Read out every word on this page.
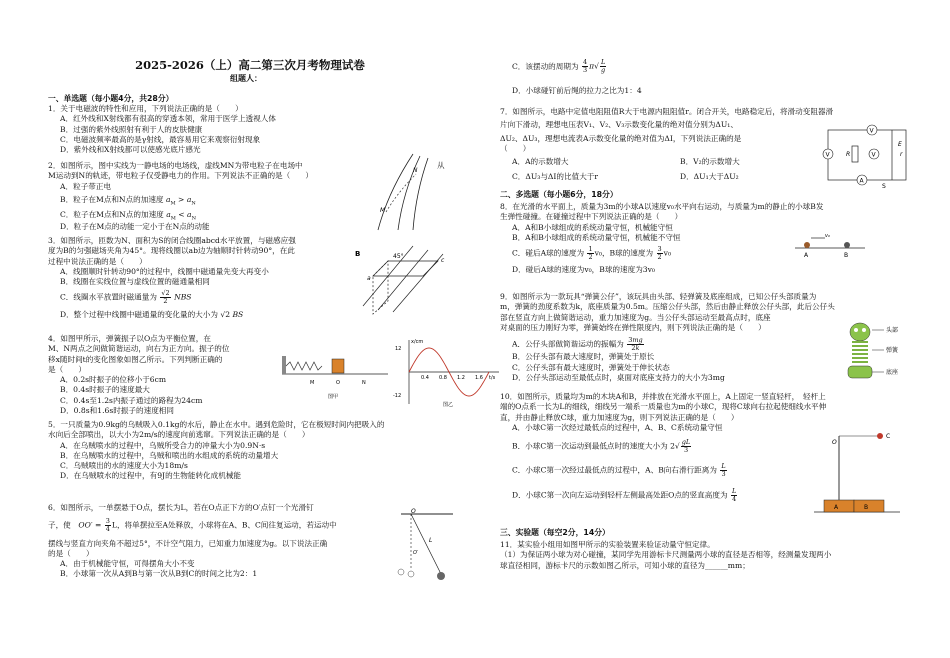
2025-2026（上）高二第三次月考物理试卷
组题人：
一、单选题（每小题4分，共28分）
1．关于电磁波的特性和应用，下列说法正确的是（　　）
A．红外线和X射线都有很高的穿透本领，常用于医学上透视人体
B．过强的紫外线照射有利于人的皮肤健康
C．电磁波频率最高的是γ射线，最容易用它来观察衍射现象
D．紫外线和X射线都可以使感光底片感光
2．如图所示，图中实线为一静电场的电场线，虚线MN为带电粒子在电场中
M运动到N的轨迹，带电粒子仅受静电力的作用。下列说法不正确的是（　　）
A．粒子带正电
B．粒子在M点和N点的加速度 $a_M > a_N$
C．粒子在M点和N点的加速度 $a_M < a_N$
D．粒子在M点的动能一定小于在N点的动能
从
3．如图所示，匝数为N、面积为S的闭合线圈abcd水平放置，与磁感应强
度为B的匀强磁场夹角为45°。现将线圈以ab边为轴顺时针转动90°，在此
过程中说法正确的是（　　）
A．线圈顺时针转动90°的过程中，线圈中磁通量先变大再变小
B．线圈在实线位置与虚线位置的磁通量相同
C．线圈水平放置时磁通量为 $\frac{√2}{2}$ NBS
D．整个过程中线圈中磁通量的变化量的大小为 √2 BS
4．如图甲所示，弹簧振子以O点为平衡位置，在
M、N两点之间做简谐运动，向右为正方向。振子的位
移x随时间t的变化图象如图乙所示。下列判断正确的
是（　　）
A．0.2s时振子的位移小于6cm
B．0.4s时振子的速度最大
C．0.4s至1.2s内振子通过的路程为24cm
D．0.8s和1.6s时振子的速度相同
5．一只质量为0.9kg的乌贼吸入0.1kg的水后，静止在水中。遇到危险时，它在极短时间内把吸入的
水向后全部喷出，以大小为2m/s的速度向前逃窜。下列说法正确的是（　　）
A．在乌贼喷水的过程中，乌贼所受合力的冲量大小为0.9N·s
B．在乌贼喷水的过程中，乌贼和喷出的水组成的系统的动量增大
C．乌贼喷出的水的速度大小为18m/s
D．在乌贼喷水的过程中，有9J的生物能转化成机械能
6．如图所示，一单摆悬于O点，摆长为L，若在O点正下方的O′点钉一个光滑钉
子，使　 $OO' = \frac{3}{4}$ L，将单摆拉至A处释放，小球将在A、B、C间往复运动，若运动中
摆线与竖直方向夹角不超过5°，不计空气阻力，已知重力加速度为g。以下说法正确
的是（　　）
A．由于机械能守恒，可得摆角大小不变
B．小球第一次从A到B与第一次从B到C的时间之比为2：1
M
N
B	45°
a
c
M	O	N
图甲
x/cm
t/s
12
-12
0.4 0.8 1.2 1.6
图乙
O
O′
L
C．该摆动的周期为 $\frac{4}{3} \pi√ \frac{L}{g}$
D．小球碰钉前后绳的拉力之比为1：4
7．如图所示，电路中定值电阻阻值R大于电源内阻阻值r。闭合开关，电路稳定后，将滑动变阻器滑
片向下滑动，理想电压表V₁、V₂、V₃示数变化量的绝对值分别为ΔU₁、
ΔU₂、ΔU₃，理想电流表A示数变化量的绝对值为ΔI，下列说法正确的是
（　　）
A．A的示数增大	B．V₂的示数增大
C．ΔU₃与ΔI的比值大于r	D．ΔU₁大于ΔU₂
V
V	V
A
R
E
r
S
二、多选题（每小题6分，18分）
8．在光滑的水平面上，质量为3m的小球A以速度v₀水平向右运动，与质量为m的静止的小球B发
生弹性碰撞。在碰撞过程中下列说法正确的是（　　）
A．A和B小球组成的系统动量守恒，机械能守恒
B．A和B小球组成的系统动量守恒，机械能不守恒
C．碰后A球的速度为 $\frac{1}{2} v_0$，B球的速度为 $\frac{3}{2} v_0$
D．碰后A球的速度为v₀，B球的速度为3v₀
v₀
A	B
9．如图所示为一款玩具“弹簧公仔”，该玩具由头部、轻弹簧及底座组成，已知公仔头部质量为
m，弹簧的劲度系数为k，底座质量为0.5m。压缩公仔头部，然后由静止释放公仔头部，此后公仔头
部在竖直方向上做简谐运动，重力加速度为g。当公仔头部运动至最高点时，底座
对桌面的压力刚好为零，弹簧始终在弹性限度内，则下列说法正确的是（　　）
A．公仔头部做简谐运动的振幅为 $\frac{3mg}{2k}$
B．公仔头部有最大速度时，弹簧处于原长
C．公仔头部有最大速度时，弹簧处于伸长状态
D．公仔头部运动至最低点时，桌面对底座支持力的大小为3mg
头部
弹簧
底座
10．如图所示，质量均为m的木块A和B，并排放在光滑水平面上，A上固定一竖直轻杆，　轻杆上
端的O点系一长为L的细线，细线另一端系一质量也为m的小球C，现将C球向右拉起使细线水平伸
直，并由静止释放C球，重力加速度为g，则下列说法正确的是（　　）
A．小球C第一次经过最低点的过程中，A、B、C系统动量守恒
B．小球C第一次运动到最低点时的速度大小为 $2√ \frac{gL}{3}$
C．小球C第一次经过最低点的过程中，A、B向右滑行距离为 $\frac{L}{3}$
D．小球C第一次向左运动到轻杆左侧最高处距O点的竖直高度为 $\frac{L}{4}$
O
C
A	B
三、实验题（每空2分，14分）
11．某实验小组用如图甲所示的实验装置来验证动量守恒定律。
（1）为保证两小球为对心碰撞，某同学先用游标卡尺测量两小球的直径是否相等，经测量发现两小
球直径相同，游标卡尺的示数如图乙所示，可知小球的直径为______mm；
